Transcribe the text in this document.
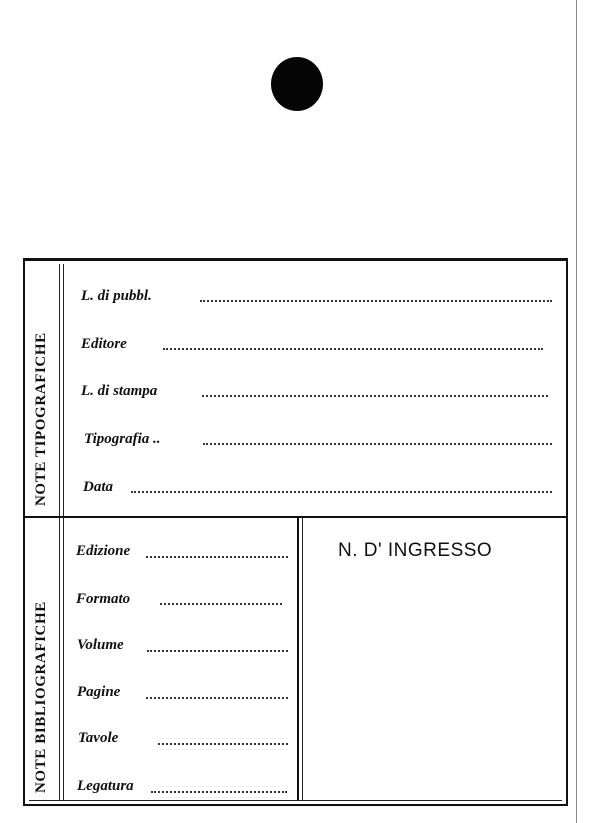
NOTE TIPOGRAFICHE
NOTE BIBLIOGRAFICHE
L. di pubbl.
Editore
L. di stampa
Tipografia ..
Data
Edizione
Formato
Volume
Pagine
Tavole
Legatura
N. D' INGRESSO
